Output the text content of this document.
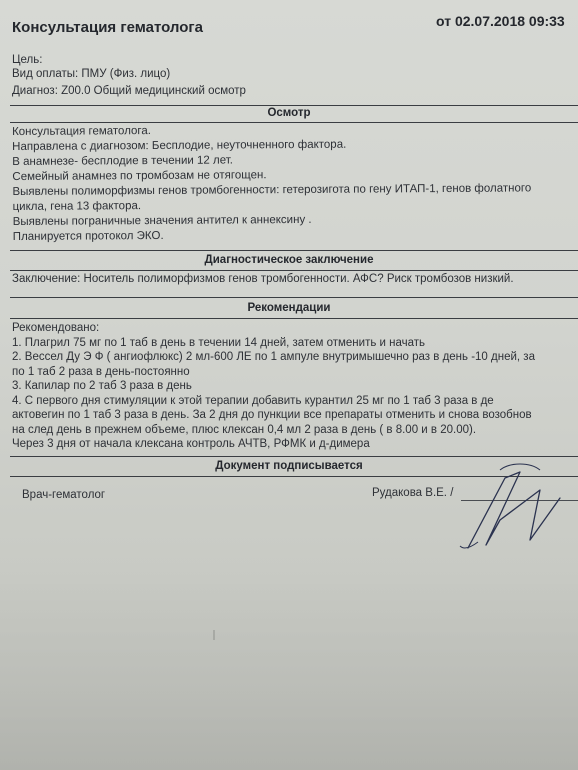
Консультация гематолога	от 02.07.2018 09:33
Цель:
Вид оплаты: ПМУ (Физ. лицо)
Диагноз: Z00.0 Общий медицинский осмотр
Осмотр
Консультация гематолога.
Направлена с диагнозом: Бесплодие, неуточненного фактора.
В анамнезе- бесплодие в течении 12 лет.
Семейный анамнез по тромбозам не отягощен.
Выявлены полиморфизмы генов тромбогенности: гетерозигота по гену ИТАП-1, генов фолатного
цикла, гена 13 фактора.
Выявлены пограничные значения антител к аннексину .
Планируется протокол ЭКО.
Диагностическое заключение
Заключение: Носитель полиморфизмов генов тромбогенности. АФС? Риск тромбозов низкий.
Рекомендации
Рекомендовано:
1. Плагрил 75 мг по 1 таб в день в течении 14 дней, затем отменить и начать
2. Вессел Ду Э Ф ( ангиофлюкс) 2 мл-600 ЛЕ по 1 ампуле внутримышечно раз в день -10 дней, за
по 1 таб 2 раза в день-постоянно
3. Капилар по 2 таб 3 раза в день
4. С первого дня стимуляции к этой терапии добавить курантил 25 мг по 1 таб 3 раза в де
актовегин по 1 таб 3 раза в день. За 2 дня до пункции все препараты отменить и снова возобнов
на след день в прежнем объеме, плюс клексан 0,4 мл 2 раза в день ( в 8.00 и в 20.00).
Через 3 дня от начала клексана контроль АЧТВ, РФМК и д-димера
Документ подписывается
Врач-гематолог	Рудакова В.Е. /
